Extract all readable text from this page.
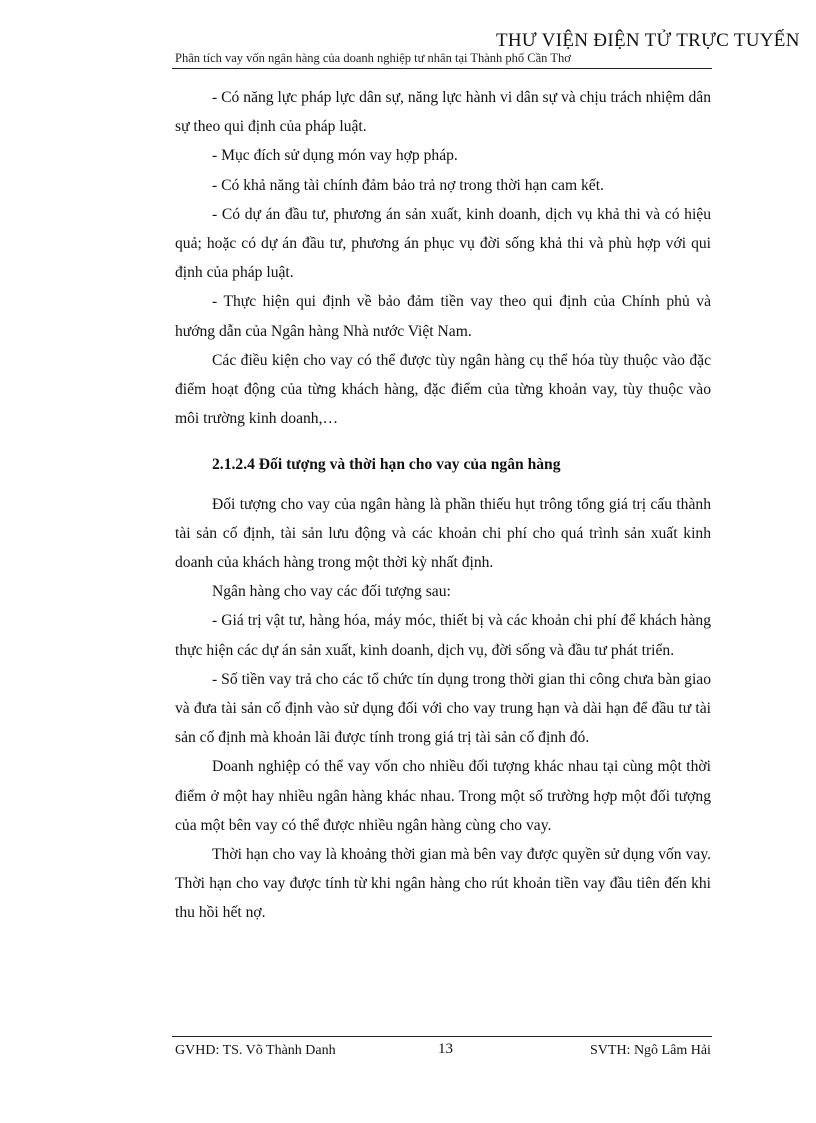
THƯ VIỆN ĐIỆN TỬ TRỰC TUYẾN
Phân tích vay vốn ngân hàng của doanh nghiệp tư nhân tại Thành phố Cần Thơ

- Có năng lực pháp lực dân sự, năng lực hành vi dân sự và chịu trách nhiệm dân sự theo qui định của pháp luật.

- Mục đích sử dụng món vay hợp pháp.

- Có khả năng tài chính đảm bảo trả nợ trong thời hạn cam kết.

- Có dự án đầu tư, phương án sản xuất, kinh doanh, dịch vụ khả thi và có hiệu quả; hoặc có dự án đầu tư, phương án phục vụ đời sống khả thi và phù hợp với qui định của pháp luật.

- Thực hiện qui định về bảo đảm tiền vay theo qui định của Chính phủ và hướng dẫn của Ngân hàng Nhà nước Việt Nam.

Các điều kiện cho vay có thể được tùy ngân hàng cụ thể hóa tùy thuộc vào đặc điểm hoạt động của từng khách hàng, đặc điểm của từng khoản vay, tùy thuộc vào môi trường kinh doanh,…

2.1.2.4 Đối tượng và thời hạn cho vay của ngân hàng

Đối tượng cho vay của ngân hàng là phần thiếu hụt trông tổng giá trị cấu thành tài sản cố định, tài sản lưu động và các khoản chi phí cho quá trình sản xuất kinh doanh của khách hàng trong một thời kỳ nhất định.

Ngân hàng cho vay các đối tượng sau:

- Giá trị vật tư, hàng hóa, máy móc, thiết bị và các khoản chi phí để khách hàng thực hiện các dự án sản xuất, kinh doanh, dịch vụ, đời sống và đầu tư phát triển.

- Số tiền vay trả cho các tổ chức tín dụng trong thời gian thi công chưa bàn giao và đưa tài sản cố định vào sử dụng đối với cho vay trung hạn và dài hạn để đầu tư tài sản cố định mà khoản lãi được tính trong giá trị tài sản cố định đó.

Doanh nghiệp có thể vay vốn cho nhiều đối tượng khác nhau tại cùng một thời điểm ở một hay nhiều ngân hàng khác nhau. Trong một số trường hợp một đối tượng của một bên vay có thể được nhiều ngân hàng cùng cho vay.

Thời hạn cho vay là khoảng thời gian mà bên vay được quyền sử dụng vốn vay. Thời hạn cho vay được tính từ khi ngân hàng cho rút khoản tiền vay đầu tiên đến khi thu hồi hết nợ.

GVHD: TS. Võ Thành Danh	13	SVTH: Ngô Lâm Hải
